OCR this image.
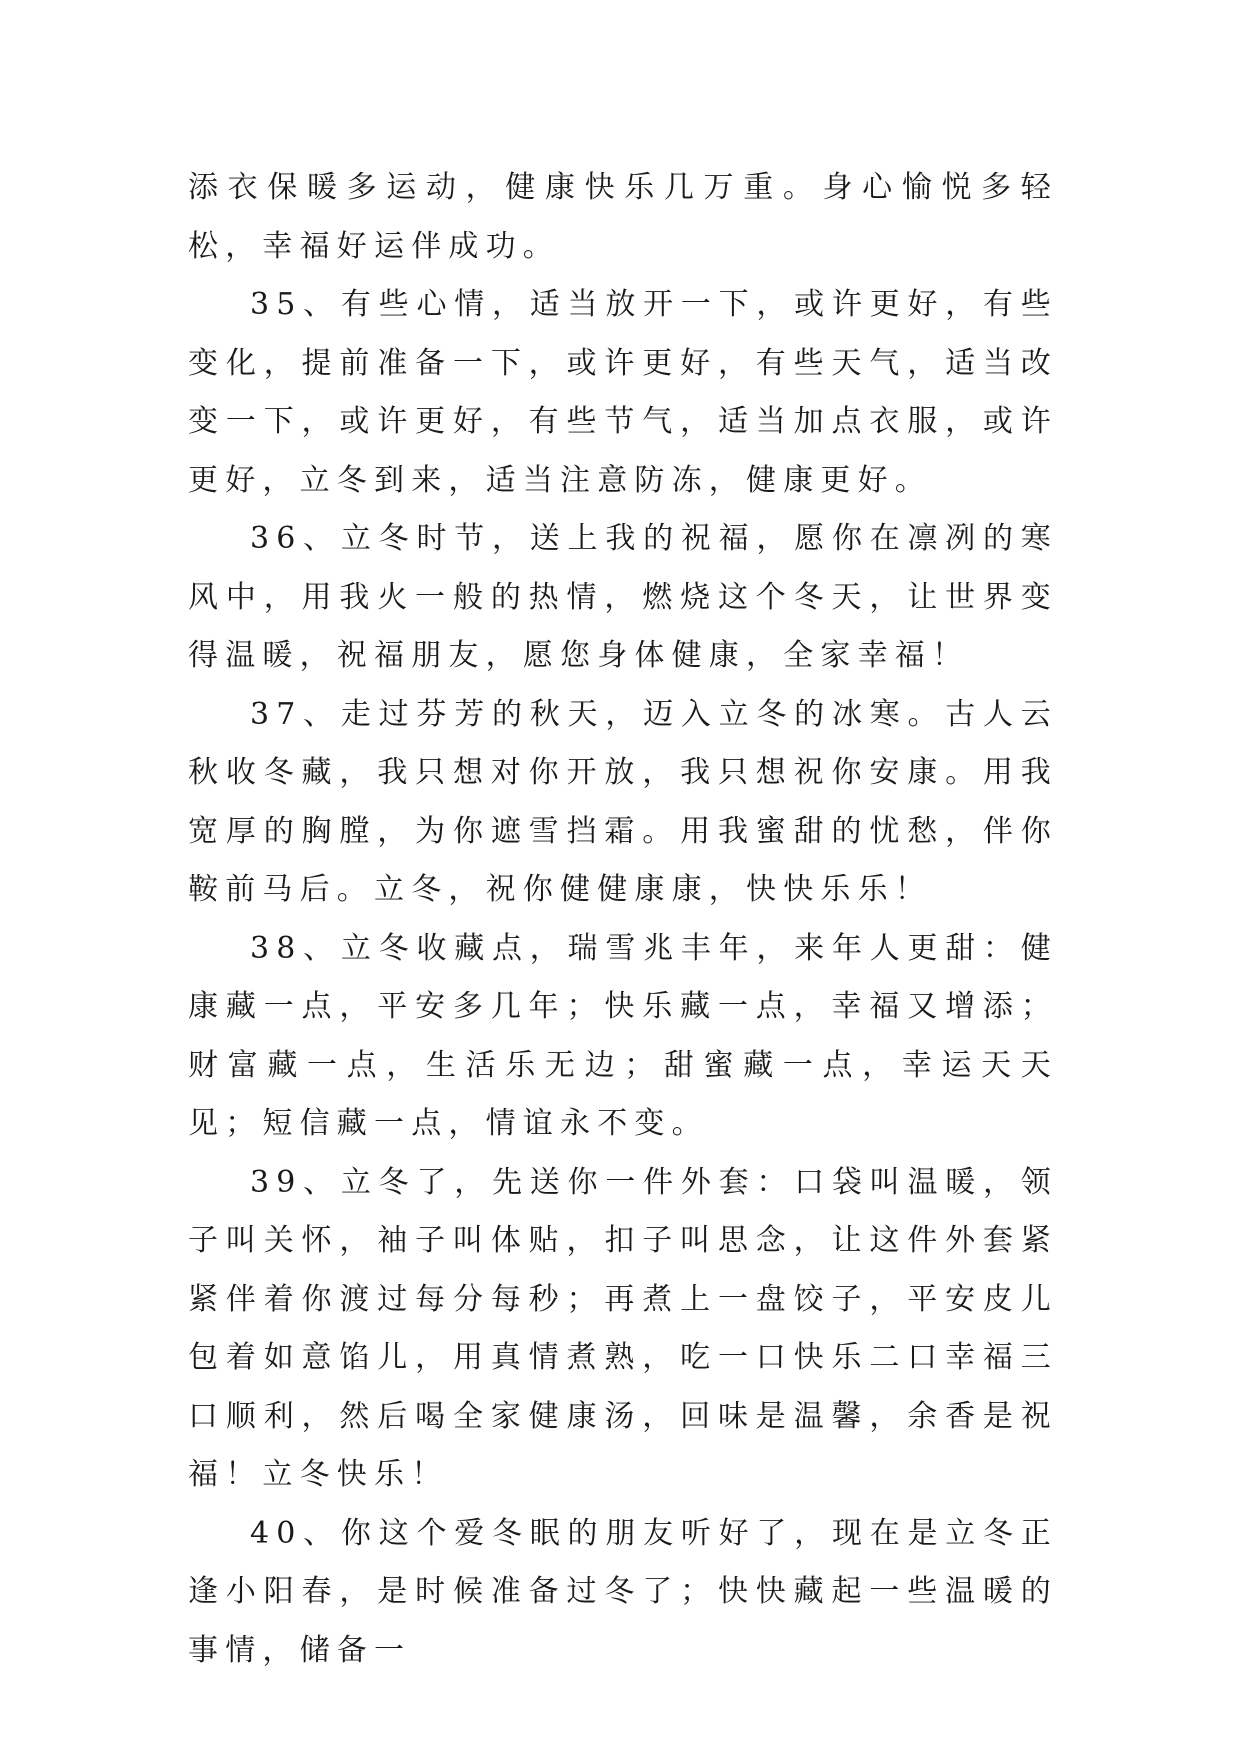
添衣保暖多运动，健康快乐几万重。身心愉悦多轻松，幸福好运伴成功。

35、有些心情，适当放开一下，或许更好，有些变化，提前准备一下，或许更好，有些天气，适当改变一下，或许更好，有些节气，适当加点衣服，或许更好，立冬到来，适当注意防冻，健康更好。

36、立冬时节，送上我的祝福，愿你在凛冽的寒风中，用我火一般的热情，燃烧这个冬天，让世界变得温暖，祝福朋友，愿您身体健康，全家幸福！

37、走过芬芳的秋天，迈入立冬的冰寒。古人云秋收冬藏，我只想对你开放，我只想祝你安康。用我宽厚的胸膛，为你遮雪挡霜。用我蜜甜的忧愁，伴你鞍前马后。立冬，祝你健健康康，快快乐乐！

38、立冬收藏点，瑞雪兆丰年，来年人更甜：健康藏一点，平安多几年；快乐藏一点，幸福又增添；财富藏一点，生活乐无边；甜蜜藏一点，幸运天天见；短信藏一点，情谊永不变。

39、立冬了，先送你一件外套：口袋叫温暖，领子叫关怀，袖子叫体贴，扣子叫思念，让这件外套紧紧伴着你渡过每分每秒；再煮上一盘饺子，平安皮儿包着如意馅儿，用真情煮熟，吃一口快乐二口幸福三口顺利，然后喝全家健康汤，回味是温馨，余香是祝福！立冬快乐！

40、你这个爱冬眠的朋友听好了，现在是立冬正逢小阳春，是时候准备过冬了；快快藏起一些温暖的事情，储备一
